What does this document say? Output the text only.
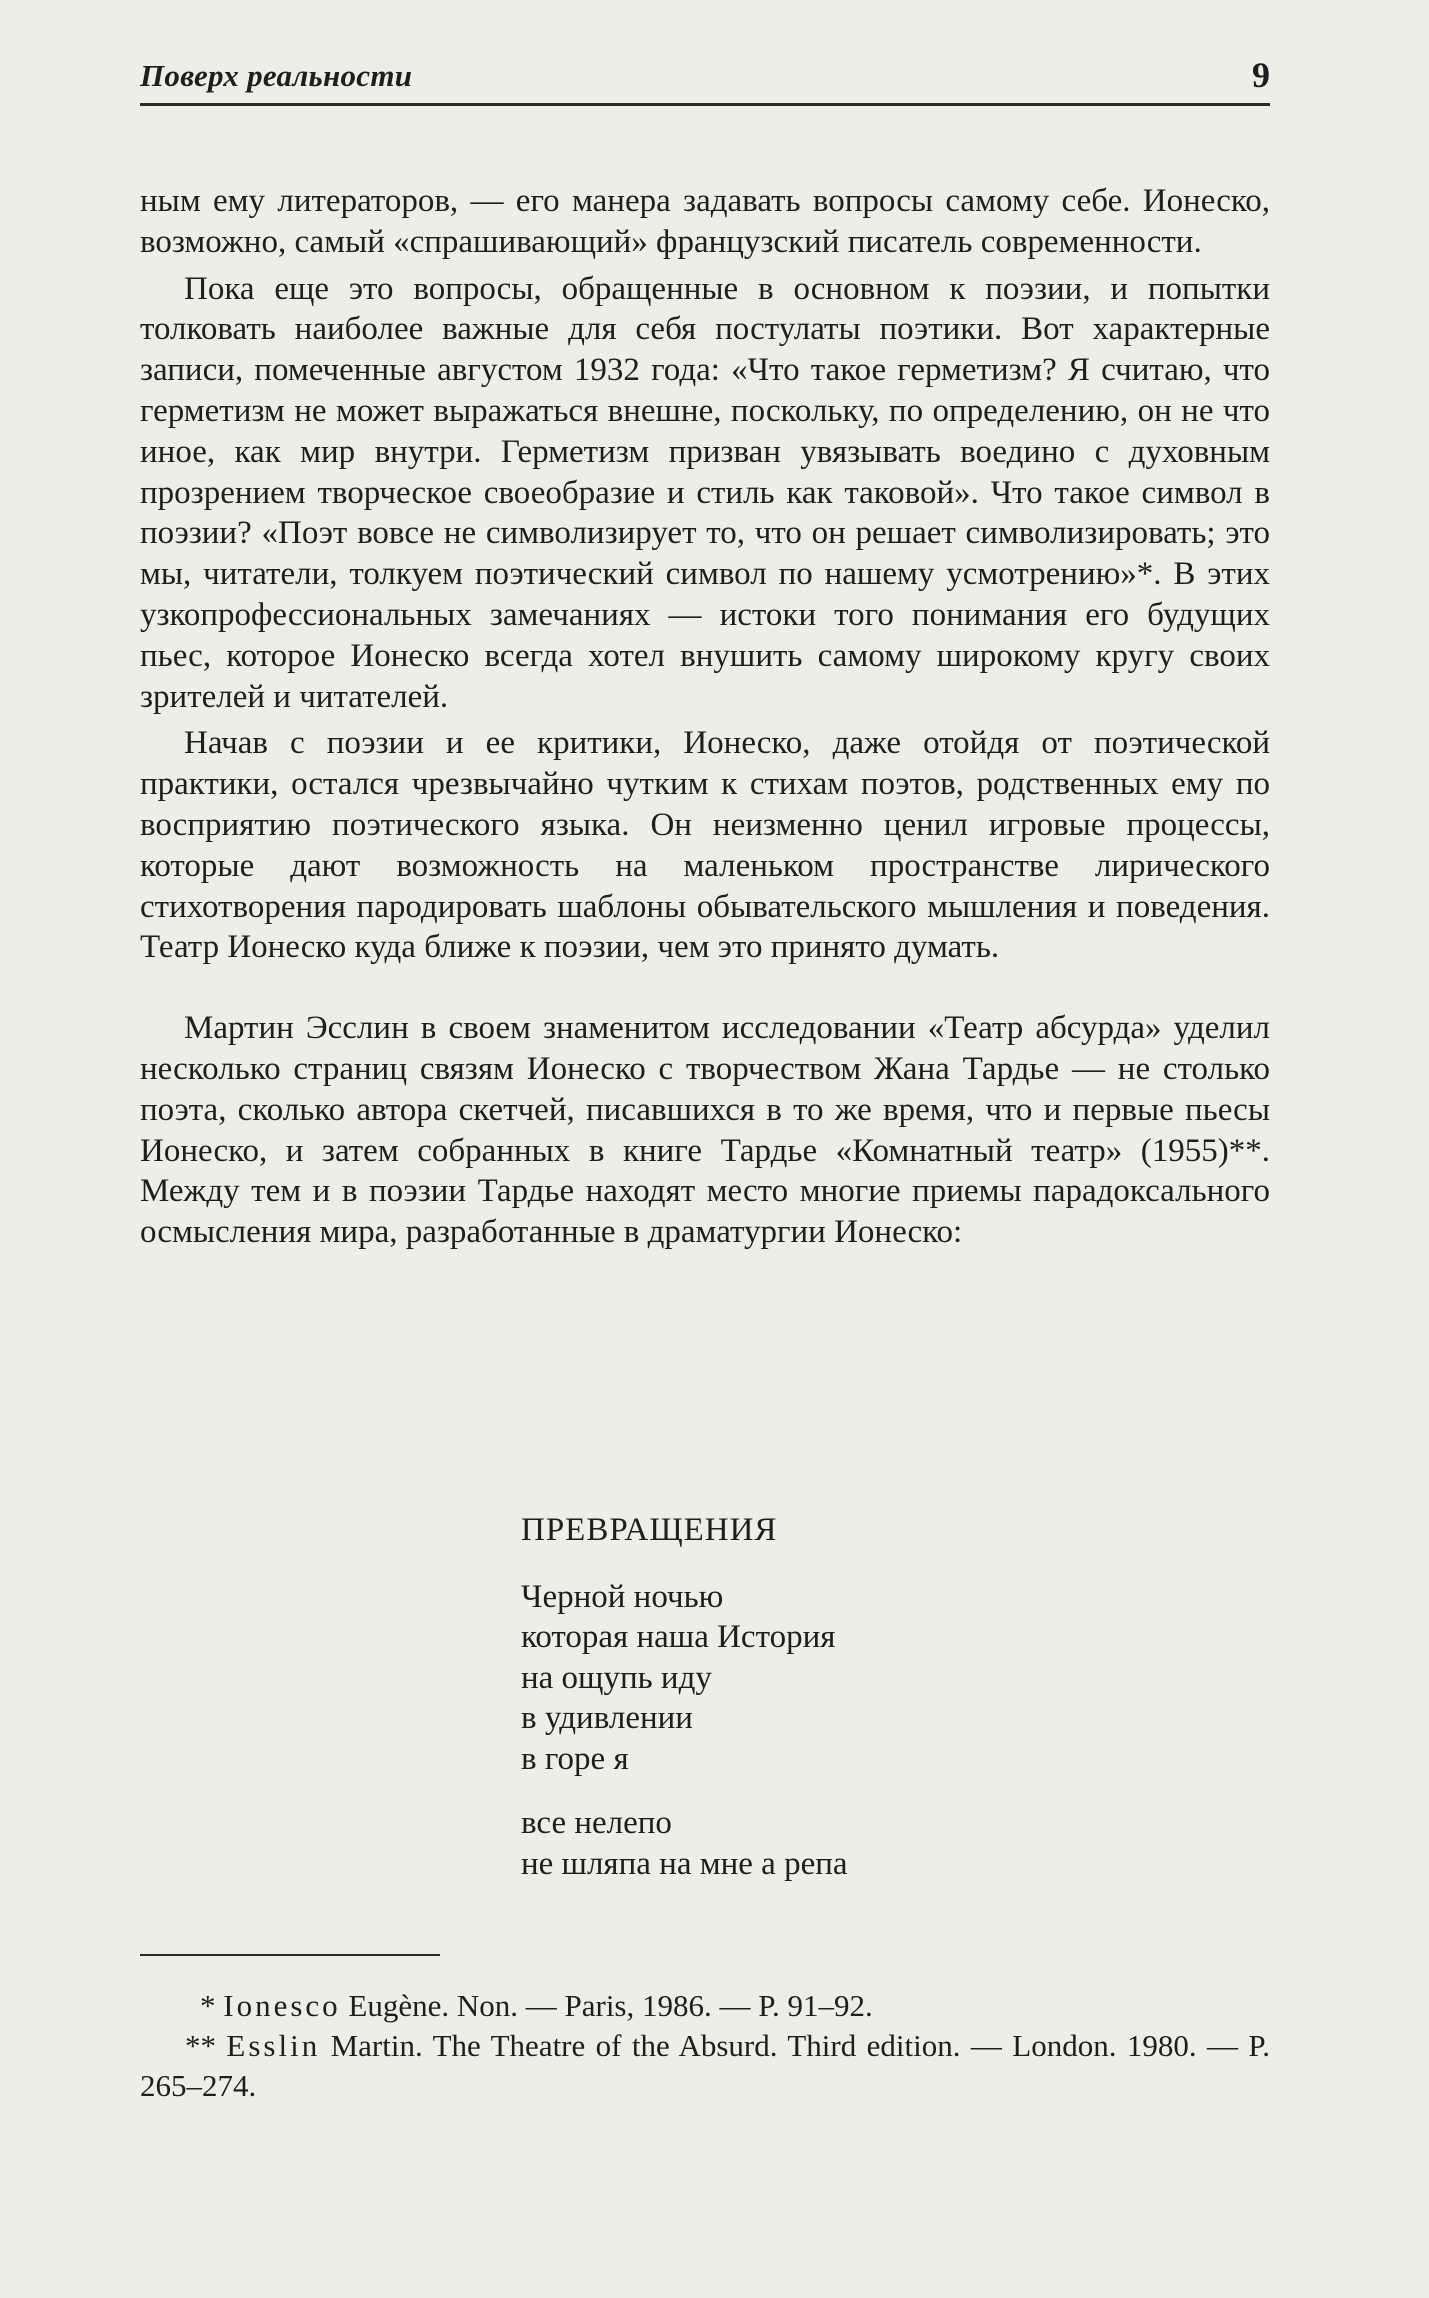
Поверх реальности	9

ным ему литераторов, — его манера задавать вопросы самому себе. Ионеско, возможно, самый «спрашивающий» французский писатель современности.

Пока еще это вопросы, обращенные в основном к поэзии, и попытки толковать наиболее важные для себя постулаты поэтики. Вот характерные записи, помеченные августом 1932 года: «Что такое герметизм? Я считаю, что герметизм не может выражаться внешне, поскольку, по определению, он не что иное, как мир внутри. Герметизм призван увязывать воедино с духовным прозрением творческое своеобразие и стиль как таковой». Что такое символ в поэзии? «Поэт вовсе не символизирует то, что он решает символизировать; это мы, читатели, толкуем поэтический символ по нашему усмотрению»*. В этих узкопрофессиональных замечаниях — истоки того понимания его будущих пьес, которое Ионеско всегда хотел внушить самому широкому кругу своих зрителей и читателей.

Начав с поэзии и ее критики, Ионеско, даже отойдя от поэтической практики, остался чрезвычайно чутким к стихам поэтов, родственных ему по восприятию поэтического языка. Он неизменно ценил игровые процессы, которые дают возможность на маленьком пространстве лирического стихотворения пародировать шаблоны обывательского мышления и поведения. Театр Ионеско куда ближе к поэзии, чем это принято думать.

Мартин Эсслин в своем знаменитом исследовании «Театр абсурда» уделил несколько страниц связям Ионеско с творчеством Жана Тардье — не столько поэта, сколько автора скетчей, писавшихся в то же время, что и первые пьесы Ионеско, и затем собранных в книге Тардье «Комнатный театр» (1955)**. Между тем и в поэзии Тардье находят место многие приемы парадоксального осмысления мира, разработанные в драматургии Ионеско:

ПРЕВРАЩЕНИЯ
Черной ночью
которая наша История
на ощупь иду
в удивлении
в горе я
все нелепо
не шляпа на мне а репа

* Ionesco Eugène. Non. — Paris, 1986. — P. 91–92.

** Esslin Martin. The Theatre of the Absurd. Third edition. — London. 1980. — P. 265–274.
